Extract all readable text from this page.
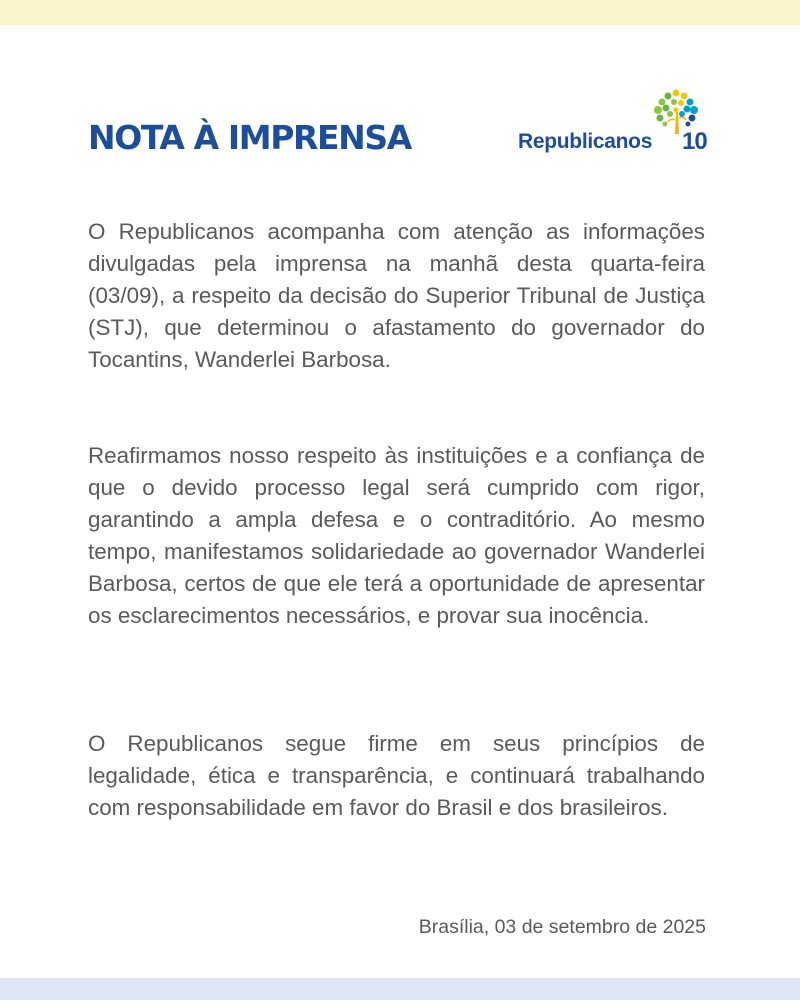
NOTA À IMPRENSA	Republicanos 10

O Republicanos acompanha com atenção as informações divulgadas pela imprensa na manhã desta quarta-feira (03/09), a respeito da decisão do Superior Tribunal de Justiça (STJ), que determinou o afastamento do governador do Tocantins, Wanderlei Barbosa.

Reafirmamos nosso respeito às instituições e a confiança de que o devido processo legal será cumprido com rigor, garantindo a ampla defesa e o contraditório. Ao mesmo tempo, manifestamos solidariedade ao governador Wanderlei Barbosa, certos de que ele terá a oportunidade de apresentar os esclarecimentos necessários, e provar sua inocência.

O Republicanos segue firme em seus princípios de legalidade, ética e transparência, e continuará trabalhando com responsabilidade em favor do Brasil e dos brasileiros.

Brasília, 03 de setembro de 2025
